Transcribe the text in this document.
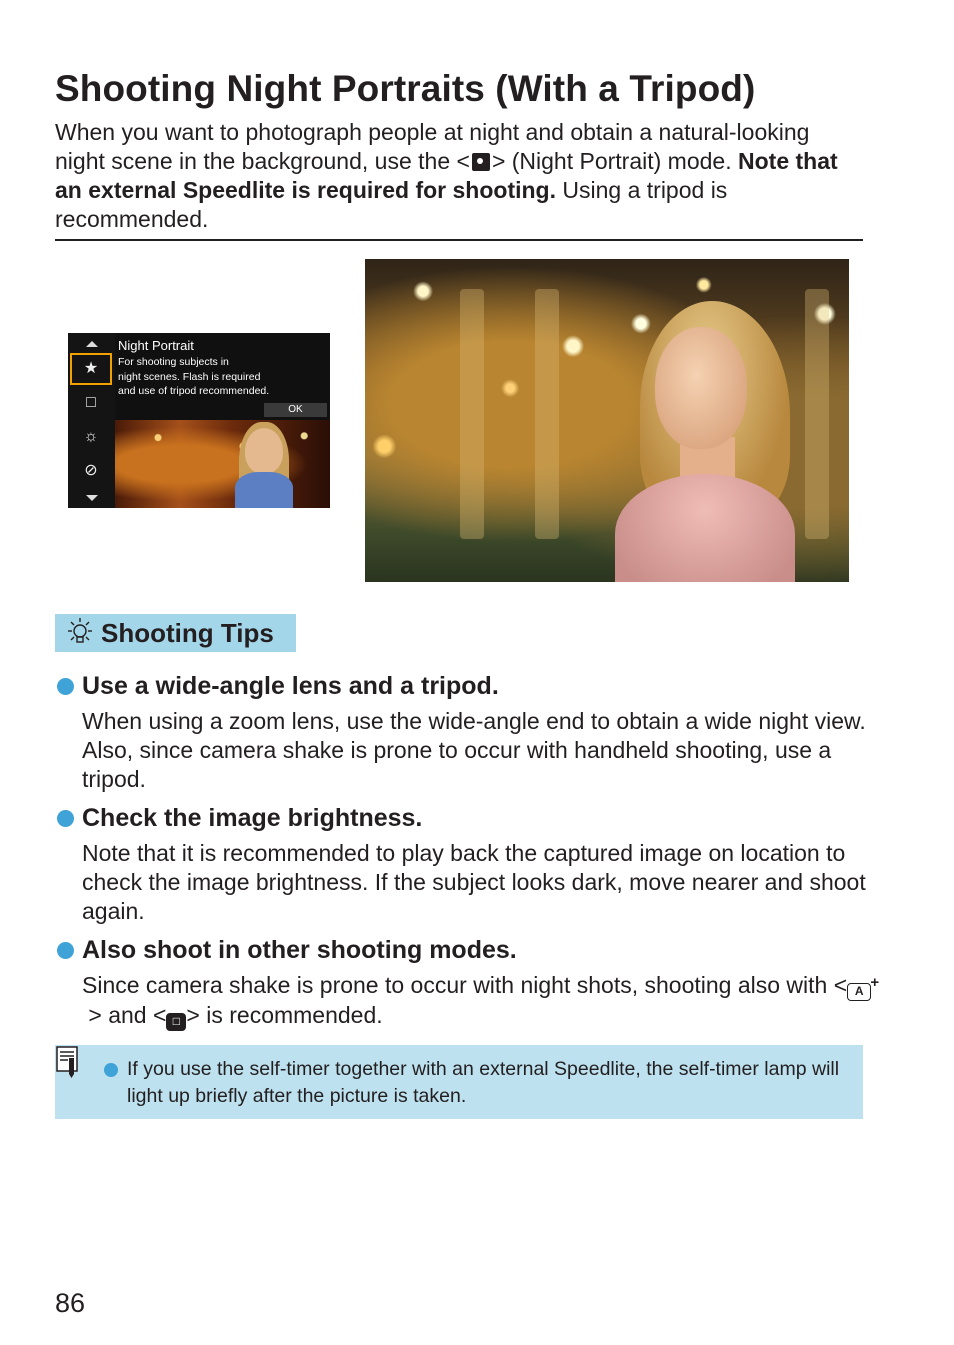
Shooting Night Portraits (With a Tripod)

When you want to photograph people at night and obtain a natural-looking night scene in the background, use the < > (Night Portrait) mode. Note that an external Speedlite is required for shooting. Using a tripod is recommended.

★
□
☼
⊘
Night Portrait
For shooting subjects in
night scenes. Flash is required
and use of tripod recommended.
OK
Shooting Tips
Use a wide-angle lens and a tripod.

When using a zoom lens, use the wide-angle end to obtain a wide night view. Also, since camera shake is prone to occur with handheld shooting, use a tripod.

Check the image brightness.

Note that it is recommended to play back the captured image on location to check the image brightness. If the subject looks dark, move nearer and shoot again.

Also shoot in other shooting modes.

Since camera shake is prone to occur with night shots, shooting also with < A +
> and < □ > is recommended.

If you use the self-timer together with an external Speedlite, the self-timer lamp will light up briefly after the picture is taken.

86
